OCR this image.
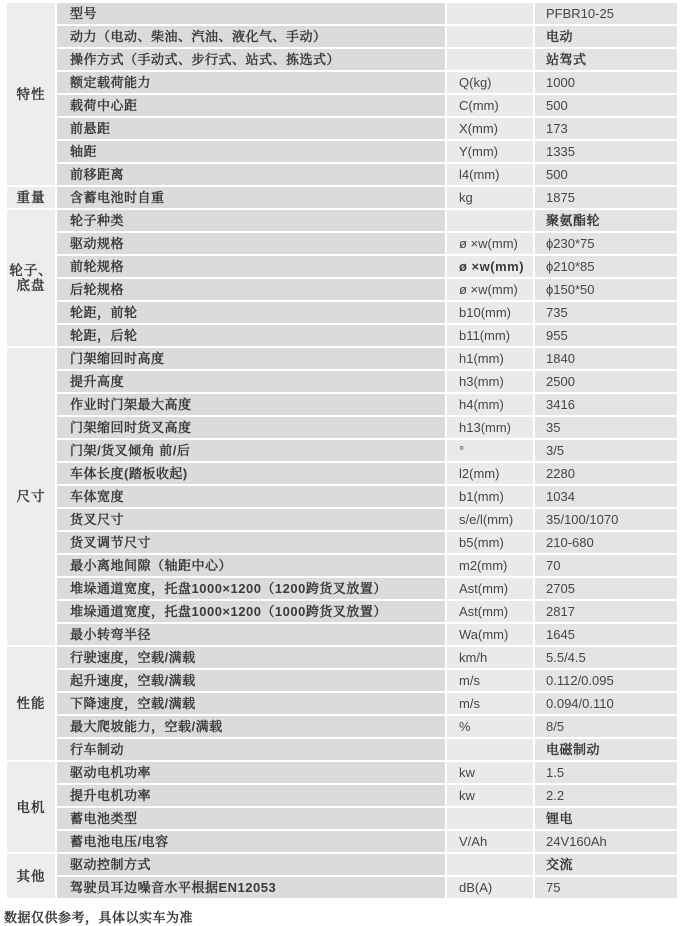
特性	型号		PFBR10-25
	动力（电动、柴油、汽油、液化气、手动）		电动
	操作方式（手动式、步行式、站式、拣选式）		站驾式
	额定载荷能力	Q(kg)	1000
	载荷中心距	C(mm)	500
	前悬距	X(mm)	173
	轴距	Y(mm)	1335
	前移距离	l4(mm)	500
重量	含蓄电池时自重	kg	1875
轮子、底盘	轮子种类		聚氨酯轮
	驱动规格	ø ×w(mm)	ϕ230*75
	前轮规格	ø ×w(mm)	ϕ210*85
	后轮规格	ø ×w(mm)	ϕ150*50
	轮距，前轮	b10(mm)	735
	轮距，后轮	b11(mm)	955
尺寸	门架缩回时高度	h1(mm)	1840
	提升高度	h3(mm)	2500
	作业时门架最大高度	h4(mm)	3416
	门架缩回时货叉高度	h13(mm)	35
	门架/货叉倾角 前/后	°	3/5
	车体长度(踏板收起)	l2(mm)	2280
	车体宽度	b1(mm)	1034
	货叉尺寸	s/e/l(mm)	35/100/1070
	货叉调节尺寸	b5(mm)	210-680
	最小离地间隙（轴距中心）	m2(mm)	70
	堆垛通道宽度，托盘1000×1200（1200跨货叉放置）	Ast(mm)	2705
	堆垛通道宽度，托盘1000×1200（1000跨货叉放置）	Ast(mm)	2817
	最小转弯半径	Wa(mm)	1645
性能	行驶速度，空载/满载	km/h	5.5/4.5
	起升速度，空载/满载	m/s	0.112/0.095
	下降速度，空载/满载	m/s	0.094/0.110
	最大爬坡能力，空载/满载	%	8/5
	行车制动		电磁制动
电机	驱动电机功率	kw	1.5
	提升电机功率	kw	2.2
	蓄电池类型		锂电
	蓄电池电压/电容	V/Ah	24V160Ah
其他	驱动控制方式		交流
	驾驶员耳边噪音水平根据EN12053	dB(A)	75
数据仅供参考，具体以实车为准
